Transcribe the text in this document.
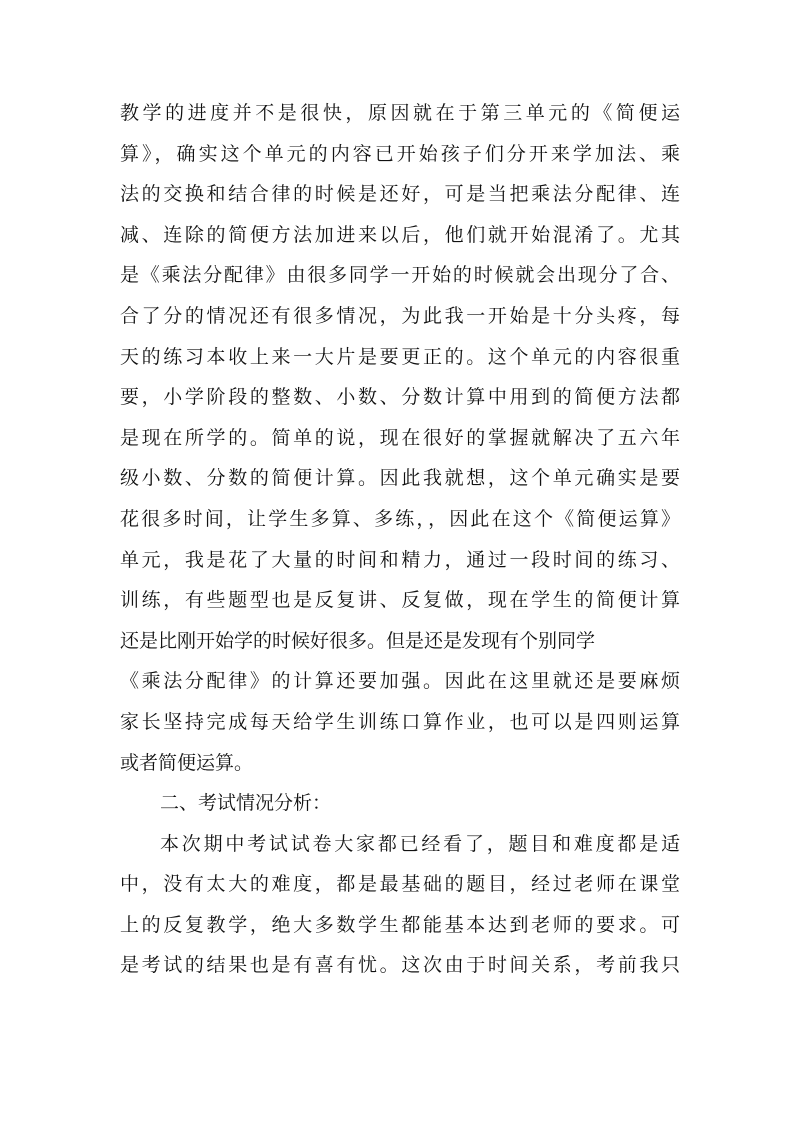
教学的进度并不是很快，原因就在于第三单元的《简便运
算》，确实这个单元的内容已开始孩子们分开来学加法、乘
法的交换和结合律的时候是还好，可是当把乘法分配律、连
减、连除的简便方法加进来以后，他们就开始混淆了。尤其
是《乘法分配律》由很多同学一开始的时候就会出现分了合、
合了分的情况还有很多情况，为此我一开始是十分头疼，每
天的练习本收上来一大片是要更正的。这个单元的内容很重
要，小学阶段的整数、小数、分数计算中用到的简便方法都
是现在所学的。简单的说，现在很好的掌握就解决了五六年
级小数、分数的简便计算。因此我就想，这个单元确实是要
花很多时间，让学生多算、多练，，因此在这个《简便运算》
单元，我是花了大量的时间和精力，通过一段时间的练习、
训练，有些题型也是反复讲、反复做，现在学生的简便计算
还是比刚开始学的时候好很多。但是还是发现有个别同学
《乘法分配律》的计算还要加强。因此在这里就还是要麻烦
家长坚持完成每天给学生训练口算作业，也可以是四则运算
或者简便运算。
二、考试情况分析：
本次期中考试试卷大家都已经看了，题目和难度都是适
中，没有太大的难度，都是最基础的题目，经过老师在课堂
上的反复教学，绝大多数学生都能基本达到老师的要求。可
是考试的结果也是有喜有忧。这次由于时间关系，考前我只
